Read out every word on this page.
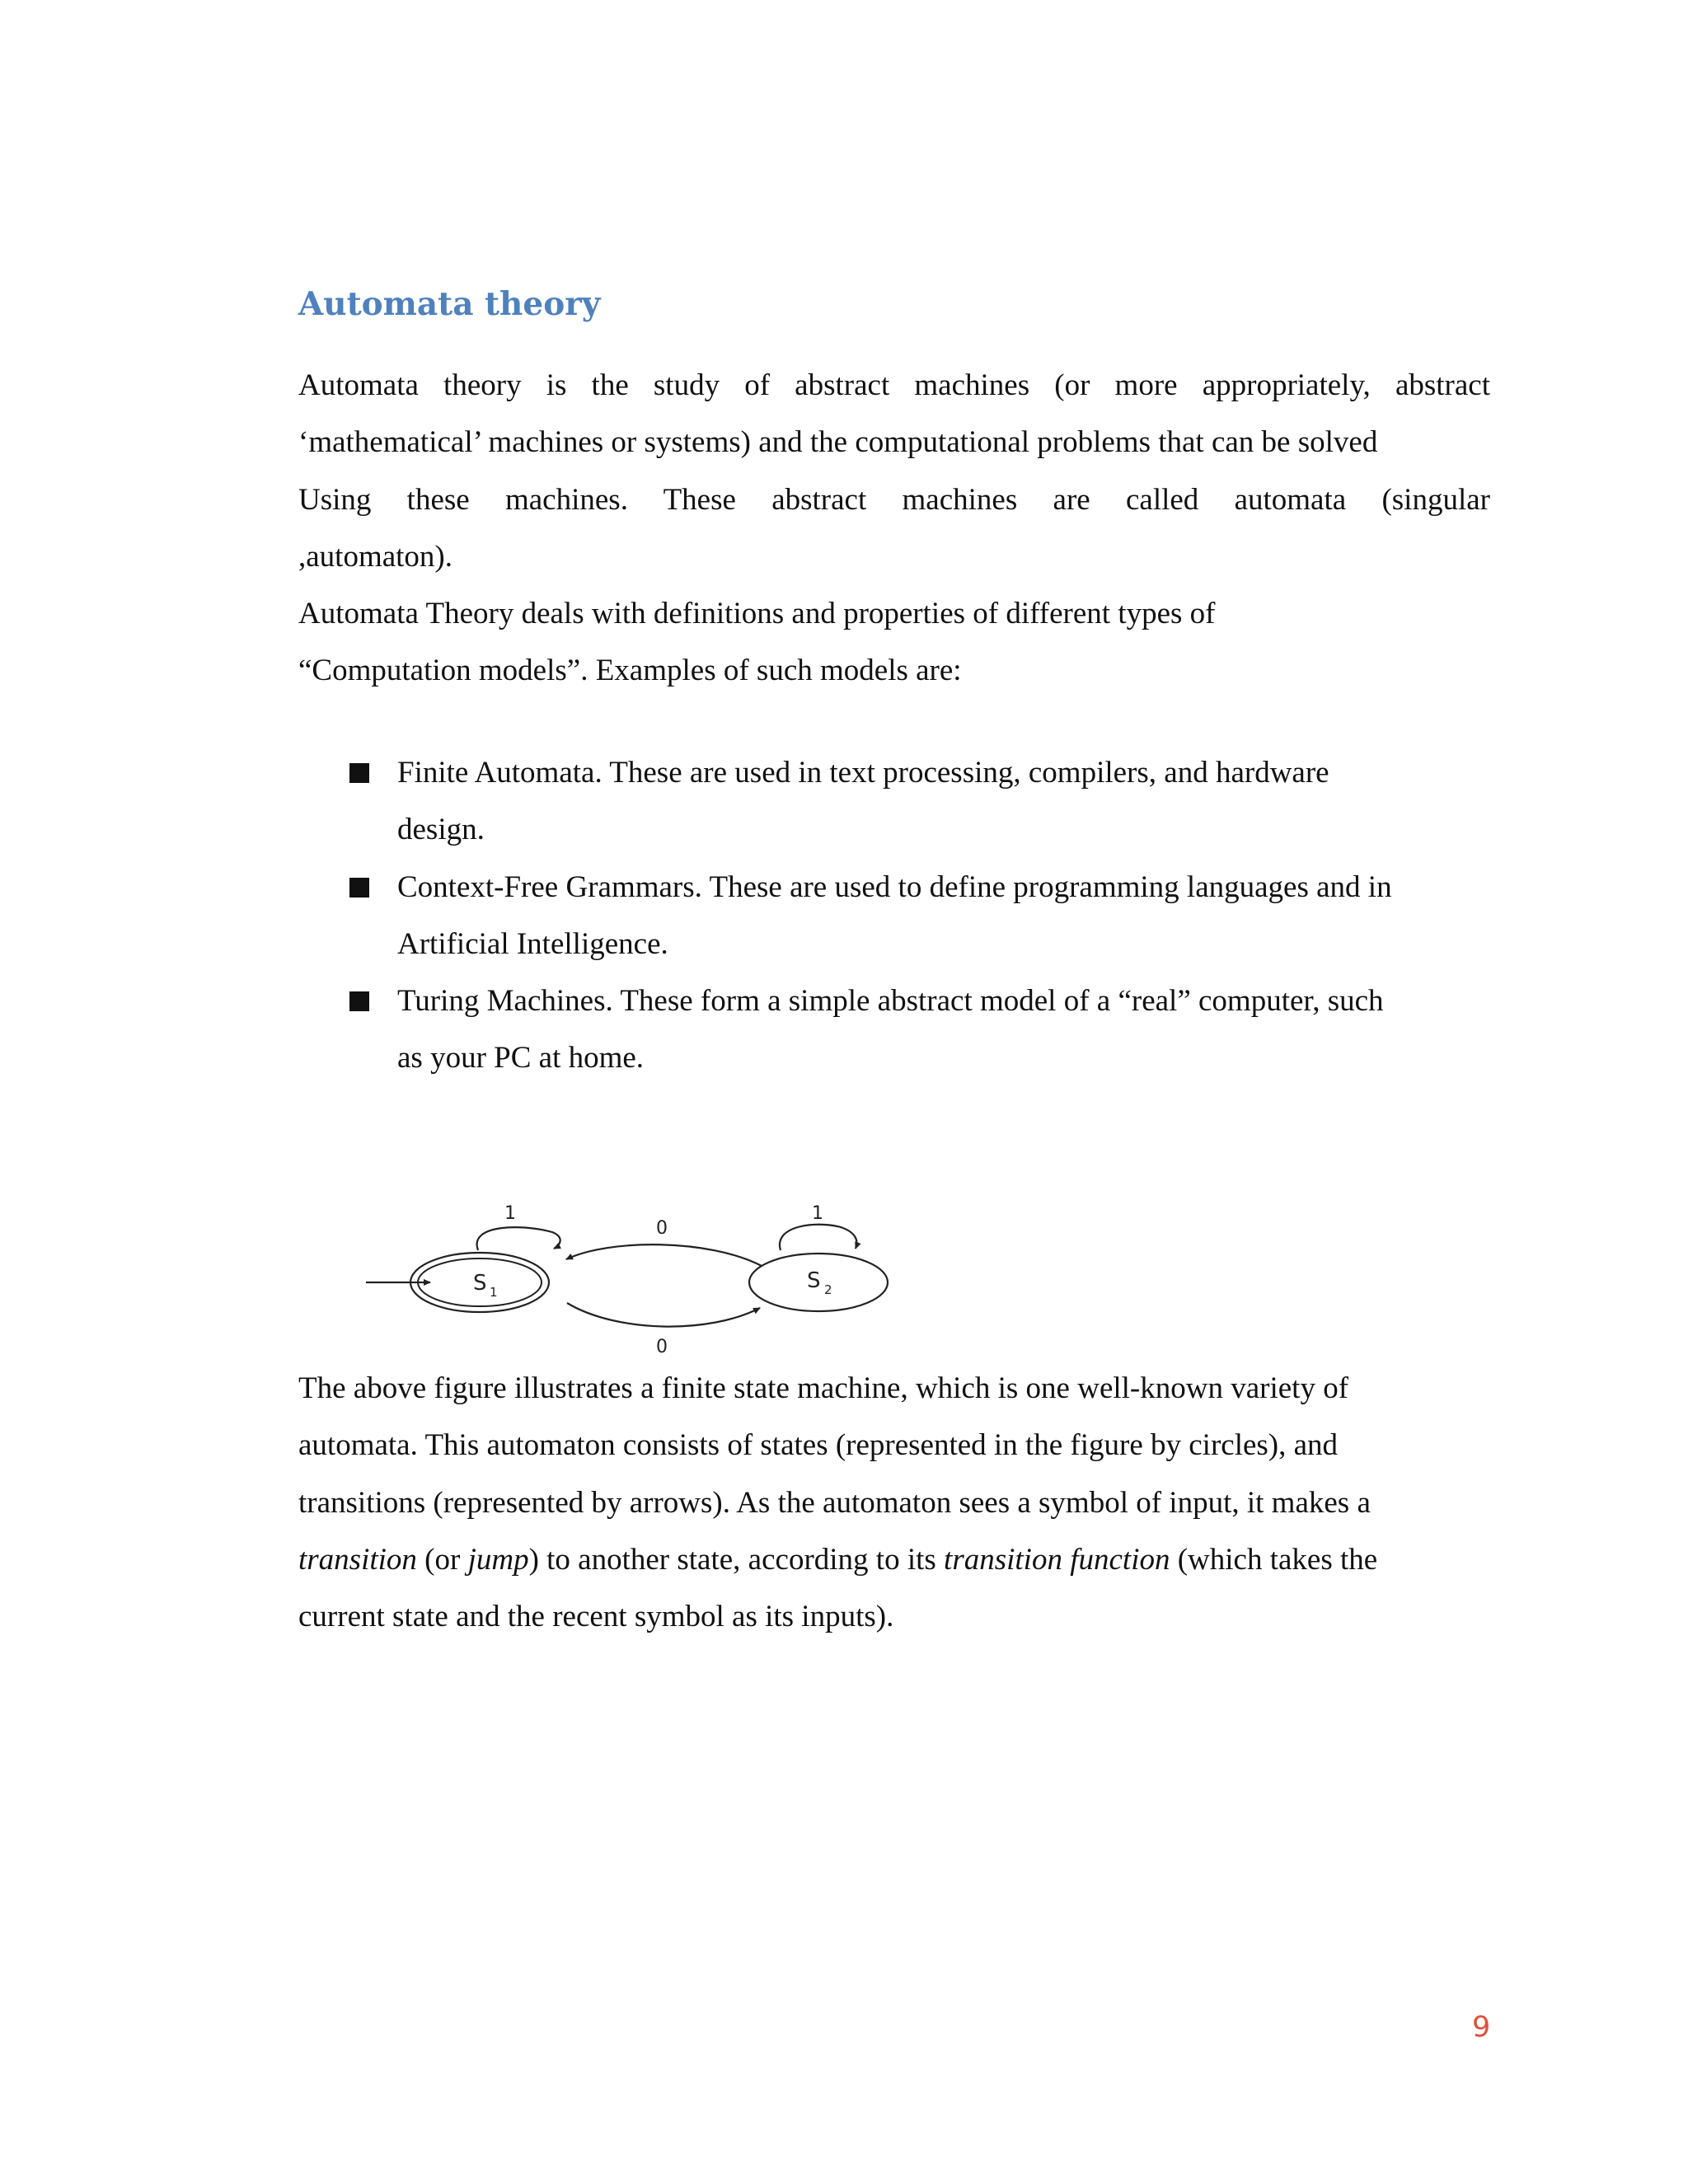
Automata theory
Automata theory is the study of abstract machines (or more appropriately, abstract
‘mathematical’ machines or systems) and the computational problems that can be solved
Using these machines. These abstract machines are called automata (singular
,automaton).
Automata Theory deals with definitions and properties of different types of
“Computation models”. Examples of such models are:
Finite Automata. These are used in text processing, compilers, and hardware
design.
Context-Free Grammars. These are used to define programming languages and in
Artificial Intelligence.
Turing Machines. These form a simple abstract model of a “real” computer, such
as your PC at home.
S 1	S 2
1	1
0
0
The above figure illustrates a finite state machine, which is one well-known variety of
automata. This automaton consists of states (represented in the figure by circles), and
transitions (represented by arrows). As the automaton sees a symbol of input, it makes a
transition (or jump) to another state, according to its transition function (which takes the
current state and the recent symbol as its inputs).
9
